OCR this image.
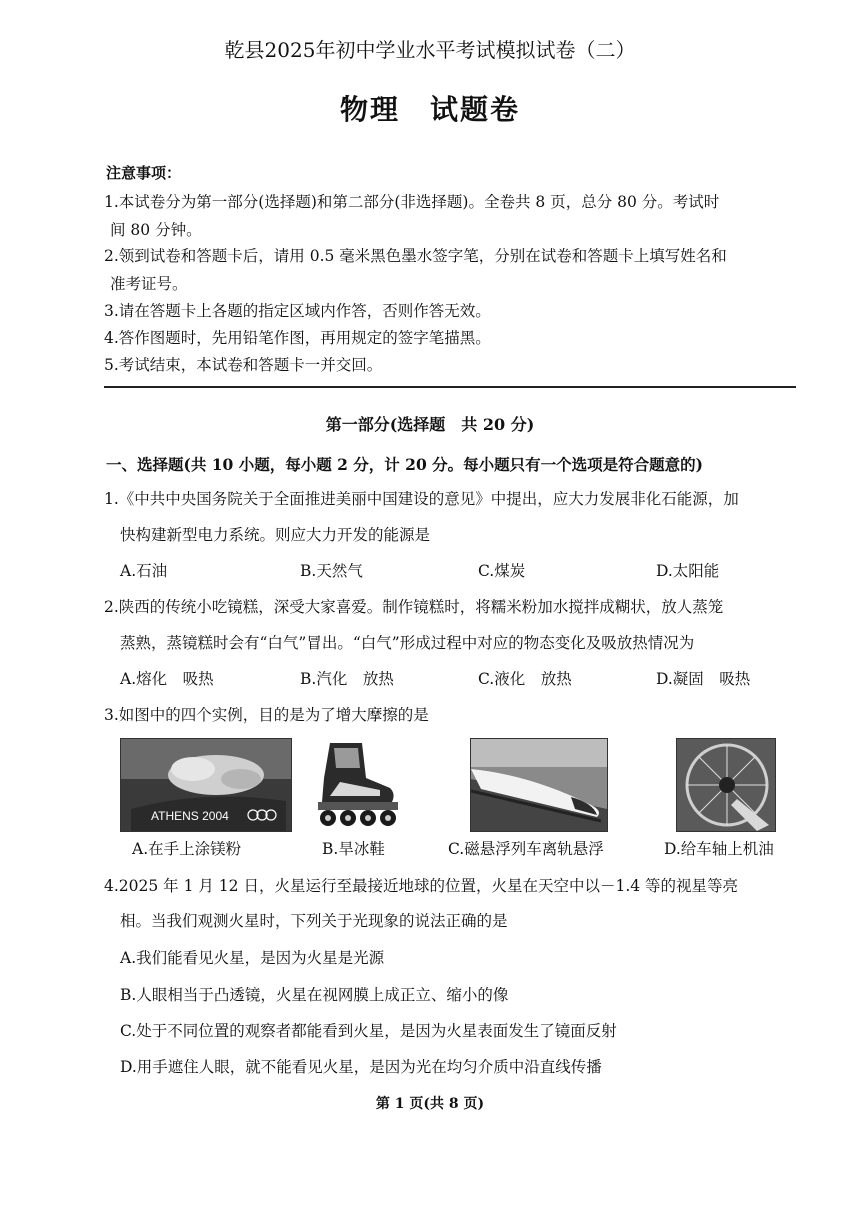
乾县2025年初中学业水平考试模拟试卷（二）
物理　试题卷
注意事项：
1.本试卷分为第一部分(选择题)和第二部分(非选择题)。全卷共 8 页，总分 80 分。考试时
间 80 分钟。
2.领到试卷和答题卡后，请用 0.5 毫米黑色墨水签字笔，分别在试卷和答题卡上填写姓名和
准考证号。
3.请在答题卡上各题的指定区域内作答，否则作答无效。
4.答作图题时，先用铅笔作图，再用规定的签字笔描黑。
5.考试结束，本试卷和答题卡一并交回。
第一部分(选择题　共 20 分)
一、选择题(共 10 小题，每小题 2 分，计 20 分。每小题只有一个选项是符合题意的)
1.《中共中央国务院关于全面推进美丽中国建设的意见》中提出，应大力发展非化石能源，加
快构建新型电力系统。则应大力开发的能源是
A.石油	B.天然气	C.煤炭	D.太阳能
2.陕西的传统小吃镜糕，深受大家喜爱。制作镜糕时，将糯米粉加水搅拌成糊状，放人蒸笼
蒸熟，蒸镜糕时会有“白气”冒出。“白气”形成过程中对应的物态变化及吸放热情况为
A.熔化　吸热	B.汽化　放热	C.液化　放热	D.凝固　吸热
3.如图中的四个实例，目的是为了增大摩擦的是
ATHENS 2004
A.在手上涂镁粉	B.旱冰鞋	C.磁悬浮列车离轨悬浮	D.给车轴上机油
4.2025 年 1 月 12 日，火星运行至最接近地球的位置，火星在天空中以－1.4 等的视星等亮
相。当我们观测火星时，下列关于光现象的说法正确的是
A.我们能看见火星，是因为火星是光源
B.人眼相当于凸透镜，火星在视网膜上成正立、缩小的像
C.处于不同位置的观察者都能看到火星，是因为火星表面发生了镜面反射
D.用手遮住人眼，就不能看见火星，是因为光在均匀介质中沿直线传播
第 1 页(共 8 页)
